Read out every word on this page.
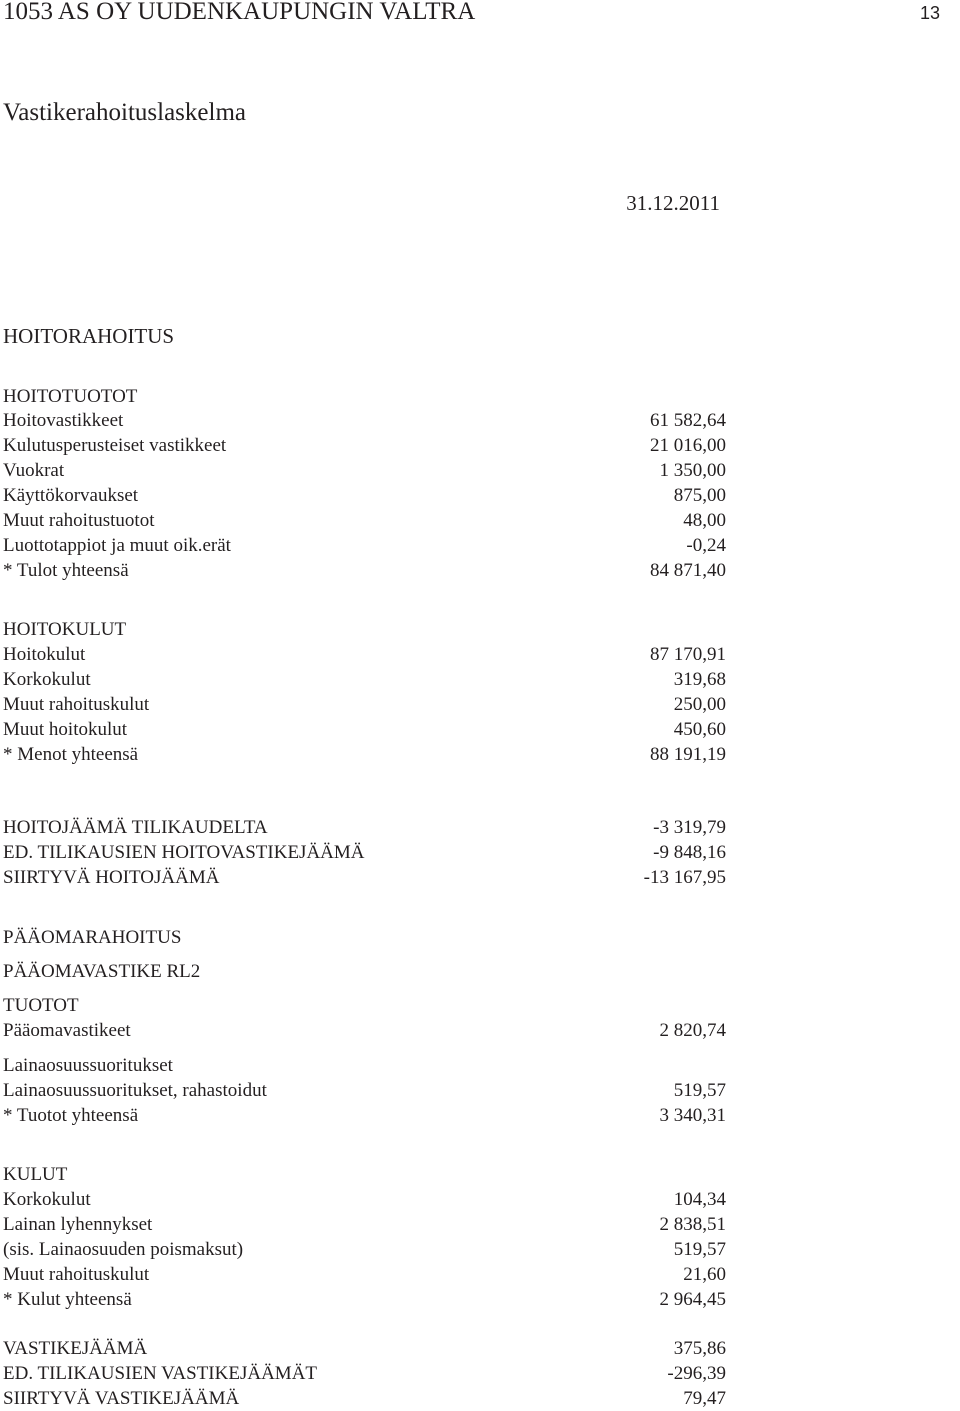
1053 AS OY UUDENKAUPUNGIN VALTRA	13
Vastikerahoituslaskelma
31.12.2011
HOITORAHOITUS
HOITOTUOTOT
Hoitovastikkeet	61 582,64
Kulutusperusteiset vastikkeet	21 016,00
Vuokrat	1 350,00
Käyttökorvaukset	875,00
Muut rahoitustuotot	48,00
Luottotappiot ja muut oik.erät	-0,24
* Tulot yhteensä	84 871,40
HOITOKULUT
Hoitokulut	87 170,91
Korkokulut	319,68
Muut rahoituskulut	250,00
Muut hoitokulut	450,60
* Menot yhteensä	88 191,19
HOITOJÄÄMÄ TILIKAUDELTA	-3 319,79
ED. TILIKAUSIEN HOITOVASTIKEJÄÄMÄ	-9 848,16
SIIRTYVÄ HOITOJÄÄMÄ	-13 167,95
PÄÄOMARAHOITUS
PÄÄOMAVASTIKE RL2
TUOTOT
Pääomavastikeet	2 820,74
Lainaosuussuoritukset
Lainaosuussuoritukset, rahastoidut	519,57
* Tuotot yhteensä	3 340,31
KULUT
Korkokulut	104,34
Lainan lyhennykset	2 838,51
(sis. Lainaosuuden poismaksut)	519,57
Muut rahoituskulut	21,60
* Kulut yhteensä	2 964,45
VASTIKEJÄÄMÄ	375,86
ED. TILIKAUSIEN VASTIKEJÄÄMÄT	-296,39
SIIRTYVÄ VASTIKEJÄÄMÄ	79,47
